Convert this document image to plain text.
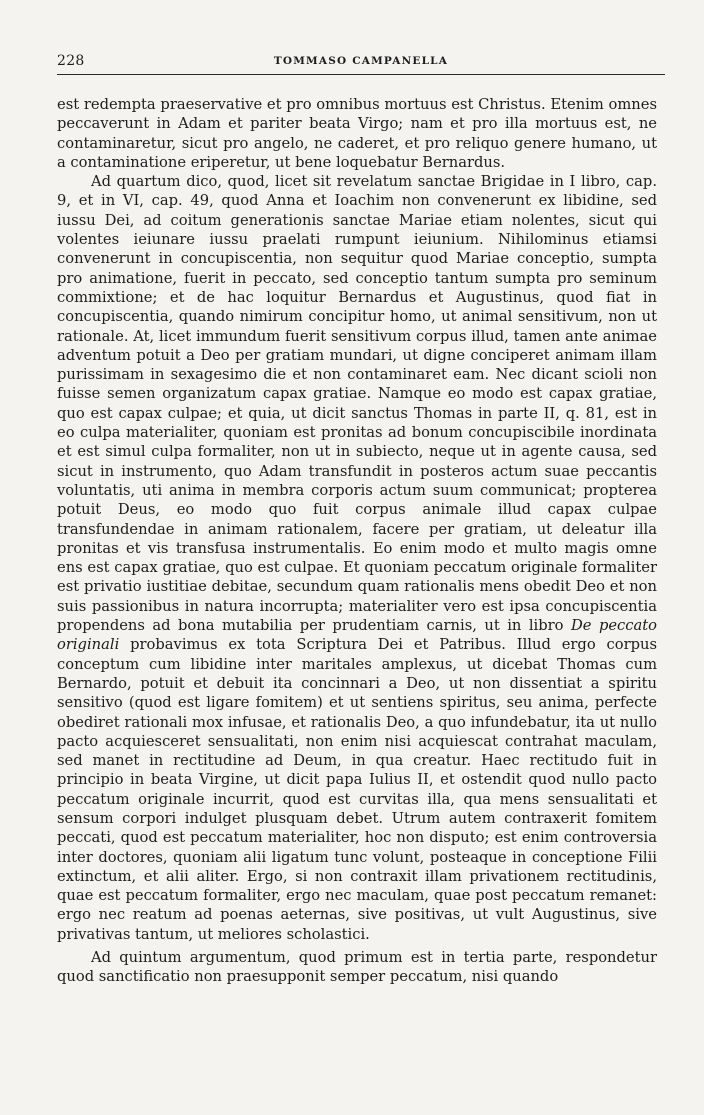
228	TOMMASO CAMPANELLA

est redempta praeservative et pro omnibus mortuus est Christus. Etenim omnes peccaverunt in Adam et pariter beata Virgo; nam et pro illa mortuus est, ne contaminaretur, sicut pro angelo, ne caderet, et pro reliquo genere humano, ut a contaminatione eriperetur, ut bene loquebatur Bernardus.

Ad quartum dico, quod, licet sit revelatum sanctae Brigidae in I libro, cap. 9, et in VI, cap. 49, quod Anna et Ioachim non convenerunt ex libidine, sed iussu Dei, ad coitum generationis sanctae Mariae etiam nolentes, sicut qui volentes ieiunare iussu praelati rumpunt ieiunium. Nihilominus etiamsi convenerunt in concupiscentia, non sequitur quod Mariae conceptio, sumpta pro animatione, fuerit in peccato, sed conceptio tantum sumpta pro seminum commixtione; et de hac loquitur Bernardus et Augustinus, quod fiat in concupiscentia, quando nimirum concipitur homo, ut animal sensitivum, non ut rationale. At, licet immundum fuerit sensitivum corpus illud, tamen ante animae adventum potuit a Deo per gratiam mundari, ut digne conciperet animam illam purissimam in sexagesimo die et non contaminaret eam. Nec dicant scioli non fuisse semen organizatum capax gratiae. Namque eo modo est capax gratiae, quo est capax culpae; et quia, ut dicit sanctus Thomas in parte II, q. 81, est in eo culpa materialiter, quoniam est pronitas ad bonum concupiscibile inordinata et est simul culpa formaliter, non ut in subiecto, neque ut in agente causa, sed sicut in instrumento, quo Adam transfundit in posteros actum suae peccantis voluntatis, uti anima in membra corporis actum suum communicat; propterea potuit Deus, eo modo quo fuit corpus animale illud capax culpae transfundendae in animam rationalem, facere per gratiam, ut deleatur illa pronitas et vis transfusa instrumentalis. Eo enim modo et multo magis omne ens est capax gratiae, quo est culpae. Et quoniam peccatum originale formaliter est privatio iustitiae debitae, secundum quam rationalis mens obedit Deo et non suis passionibus in natura incorrupta; materialiter vero est ipsa concupiscentia propendens ad bona mutabilia per prudentiam carnis, ut in libro De peccato originali probavimus ex tota Scriptura Dei et Patribus. Illud ergo corpus conceptum cum libidine inter maritales amplexus, ut dicebat Thomas cum Bernardo, potuit et debuit ita concinnari a Deo, ut non dissentiat a spiritu sensitivo (quod est ligare fomitem) et ut sentiens spiritus, seu anima, perfecte obediret rationali mox infusae, et rationalis Deo, a quo infundebatur, ita ut nullo pacto acquiesceret sensualitati, non enim nisi acquiescat contrahat maculam, sed manet in rectitudine ad Deum, in qua creatur. Haec rectitudo fuit in principio in beata Virgine, ut dicit papa Iulius II, et ostendit quod nullo pacto peccatum originale incurrit, quod est curvitas illa, qua mens sensualitati et sensum corpori indulget plusquam debet. Utrum autem contraxerit fomitem peccati, quod est peccatum materialiter, hoc non disputo; est enim controversia inter doctores, quoniam alii ligatum tunc volunt, posteaque in conceptione Filii extinctum, et alii aliter. Ergo, si non contraxit illam privationem rectitudinis, quae est peccatum formaliter, ergo nec maculam, quae post peccatum remanet: ergo nec reatum ad poenas aeternas, sive positivas, ut vult Augustinus, sive privativas tantum, ut meliores scholastici.

Ad quintum argumentum, quod primum est in tertia parte, respondetur quod sanctificatio non praesupponit semper peccatum, nisi quando
